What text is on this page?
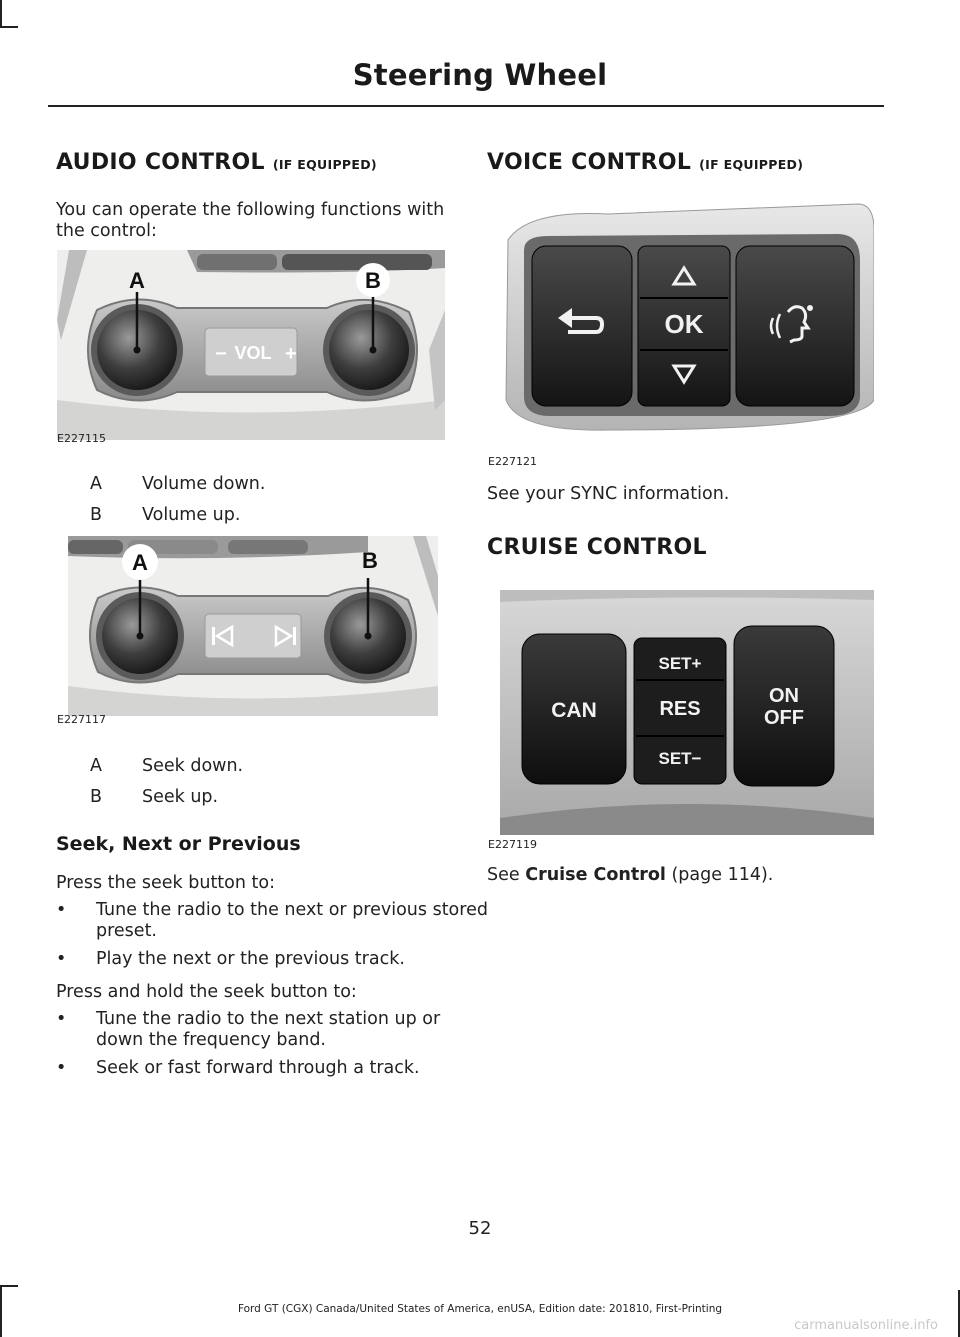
Steering Wheel
AUDIO CONTROL (IF EQUIPPED)
You can operate the following functions with the control:
A	B
− VOL +
E227115
A Volume down.
B Volume up.
A	B
E227117
A Seek down.
B Seek up.
Seek, Next or Previous
Press the seek button to:
• Tune the radio to the next or previous stored preset.
• Play the next or the previous track.
Press and hold the seek button to:
• Tune the radio to the next station up or down the frequency band.
• Seek or fast forward through a track.
VOICE CONTROL (IF EQUIPPED)
OK
E227121
See your SYNC information.
CRUISE CONTROL
CAN
SET+
RES
SET−
ON
OFF
E227119
See Cruise Control (page 114).
52
Ford GT (CGX) Canada/United States of America, enUSA, Edition date: 201810, First-Printing
carmanualsonline.info
